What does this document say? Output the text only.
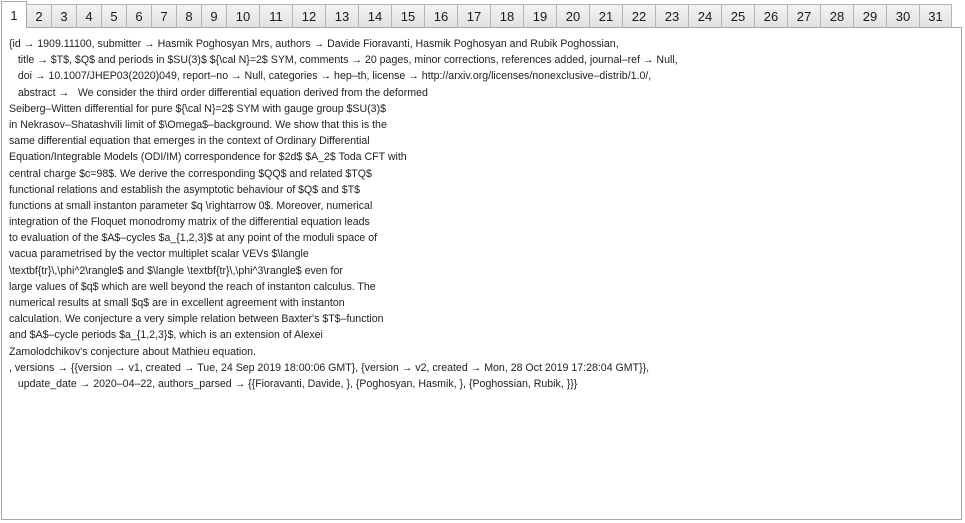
1	2	3	4	5	6	7	8	9	10	11	12	13	14	15	16	17	18	19	20	21	22	23	24	25	26	27	28	29	30	31
{id → 1909.11100, submitter → Hasmik Poghosyan Mrs, authors → Davide Fioravanti, Hasmik Poghosyan and Rubik Poghossian,
title → $T$, $Q$ and periods in $SU(3)$ ${\cal N}=2$ SYM, comments → 20 pages, minor corrections, references added, journal–ref → Null,
doi → 10.1007/JHEP03(2020)049, report–no → Null, categories → hep–th, license → http://arxiv.org/licenses/nonexclusive–distrib/1.0/,
abstract →   We consider the third order differential equation derived from the deformed
Seiberg–Witten differential for pure ${\cal N}=2$ SYM with gauge group $SU(3)$
in Nekrasov–Shatashvili limit of $\Omega$–background. We show that this is the
same differential equation that emerges in the context of Ordinary Differential
Equation/Integrable Models (ODI/IM) correspondence for $2d$ $A_2$ Toda CFT with
central charge $c=98$. We derive the corresponding $QQ$ and related $TQ$
functional relations and establish the asymptotic behaviour of $Q$ and $T$
functions at small instanton parameter $q \rightarrow 0$. Moreover, numerical
integration of the Floquet monodromy matrix of the differential equation leads
to evaluation of the $A$–cycles $a_{1,2,3}$ at any point of the moduli space of
vacua parametrised by the vector multiplet scalar VEVs $\langle
\textbf{tr}\,\phi^2\rangle$ and $\langle \textbf{tr}\,\phi^3\rangle$ even for
large values of $q$ which are well beyond the reach of instanton calculus. The
numerical results at small $q$ are in excellent agreement with instanton
calculation. We conjecture a very simple relation between Baxter's $T$–function
and $A$–cycle periods $a_{1,2,3}$, which is an extension of Alexei
Zamolodchikov's conjecture about Mathieu equation.
, versions → {{version → v1, created → Tue, 24 Sep 2019 18:00:06 GMT}, {version → v2, created → Mon, 28 Oct 2019 17:28:04 GMT}},
update_date → 2020–04–22, authors_parsed → {{Fioravanti, Davide, }, {Poghosyan, Hasmik, }, {Poghossian, Rubik, }}}
